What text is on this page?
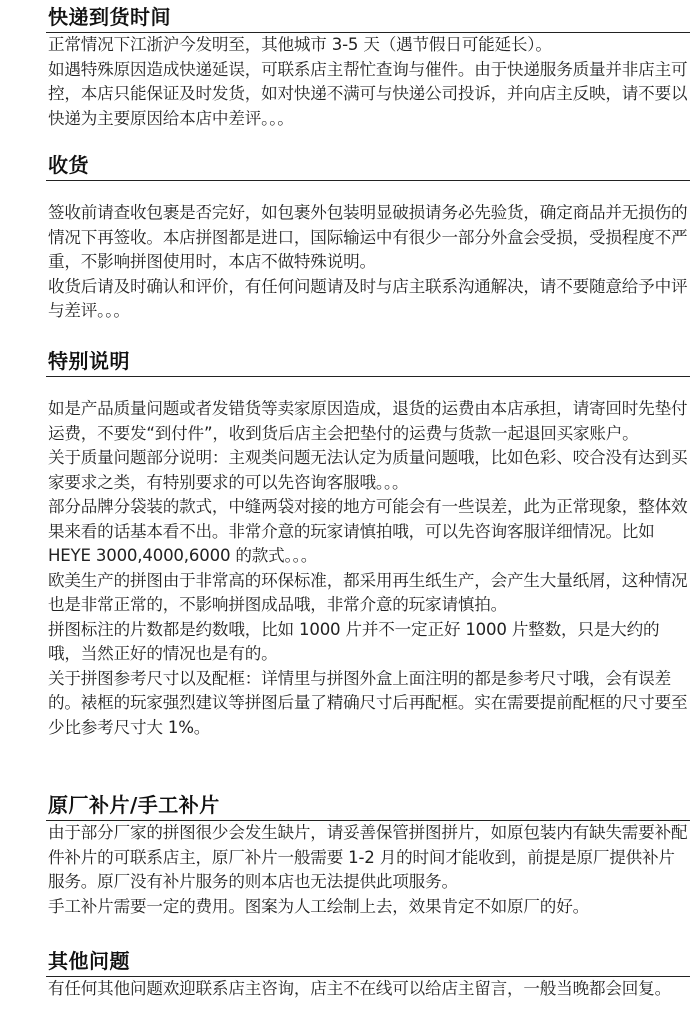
快递到货时间

正常情况下江浙沪今发明至，其他城市 3-5 天（遇节假日可能延长）。

如遇特殊原因造成快递延误，可联系店主帮忙查询与催件。由于快递服务质量并非店主可控，本店只能保证及时发货，如对快递不满可与快递公司投诉，并向店主反映，请不要以快递为主要原因给本店中差评。。。

收货

签收前请查收包裹是否完好，如包裹外包装明显破损请务必先验货，确定商品并无损伤的情况下再签收。本店拼图都是进口，国际输运中有很少一部分外盒会受损，受损程度不严重，不影响拼图使用时，本店不做特殊说明。

收货后请及时确认和评价，有任何问题请及时与店主联系沟通解决，请不要随意给予中评与差评。。。

特别说明

如是产品质量问题或者发错货等卖家原因造成，退货的运费由本店承担，请寄回时先垫付运费，不要发“到付件”，收到货后店主会把垫付的运费与货款一起退回买家账户。

关于质量问题部分说明：主观类问题无法认定为质量问题哦，比如色彩、咬合没有达到买家要求之类，有特别要求的可以先咨询客服哦。。。

部分品牌分袋装的款式，中缝两袋对接的地方可能会有一些误差，此为正常现象，整体效果来看的话基本看不出。非常介意的玩家请慎拍哦，可以先咨询客服详细情况。比如 HEYE 3000,4000,6000 的款式。。。

欧美生产的拼图由于非常高的环保标准，都采用再生纸生产，会产生大量纸屑，这种情况也是非常正常的，不影响拼图成品哦，非常介意的玩家请慎拍。

拼图标注的片数都是约数哦，比如 1000 片并不一定正好 1000 片整数，只是大约的哦，当然正好的情况也是有的。

关于拼图参考尺寸以及配框：详情里与拼图外盒上面注明的都是参考尺寸哦，会有误差的。裱框的玩家强烈建议等拼图后量了精确尺寸后再配框。实在需要提前配框的尺寸要至少比参考尺寸大 1%。

原厂补片/手工补片

由于部分厂家的拼图很少会发生缺片，请妥善保管拼图拼片，如原包装内有缺失需要补配件补片的可联系店主，原厂补片一般需要 1-2 月的时间才能收到，前提是原厂提供补片服务。原厂没有补片服务的则本店也无法提供此项服务。

手工补片需要一定的费用。图案为人工绘制上去，效果肯定不如原厂的好。

其他问题

有任何其他问题欢迎联系店主咨询，店主不在线可以给店主留言，一般当晚都会回复。
